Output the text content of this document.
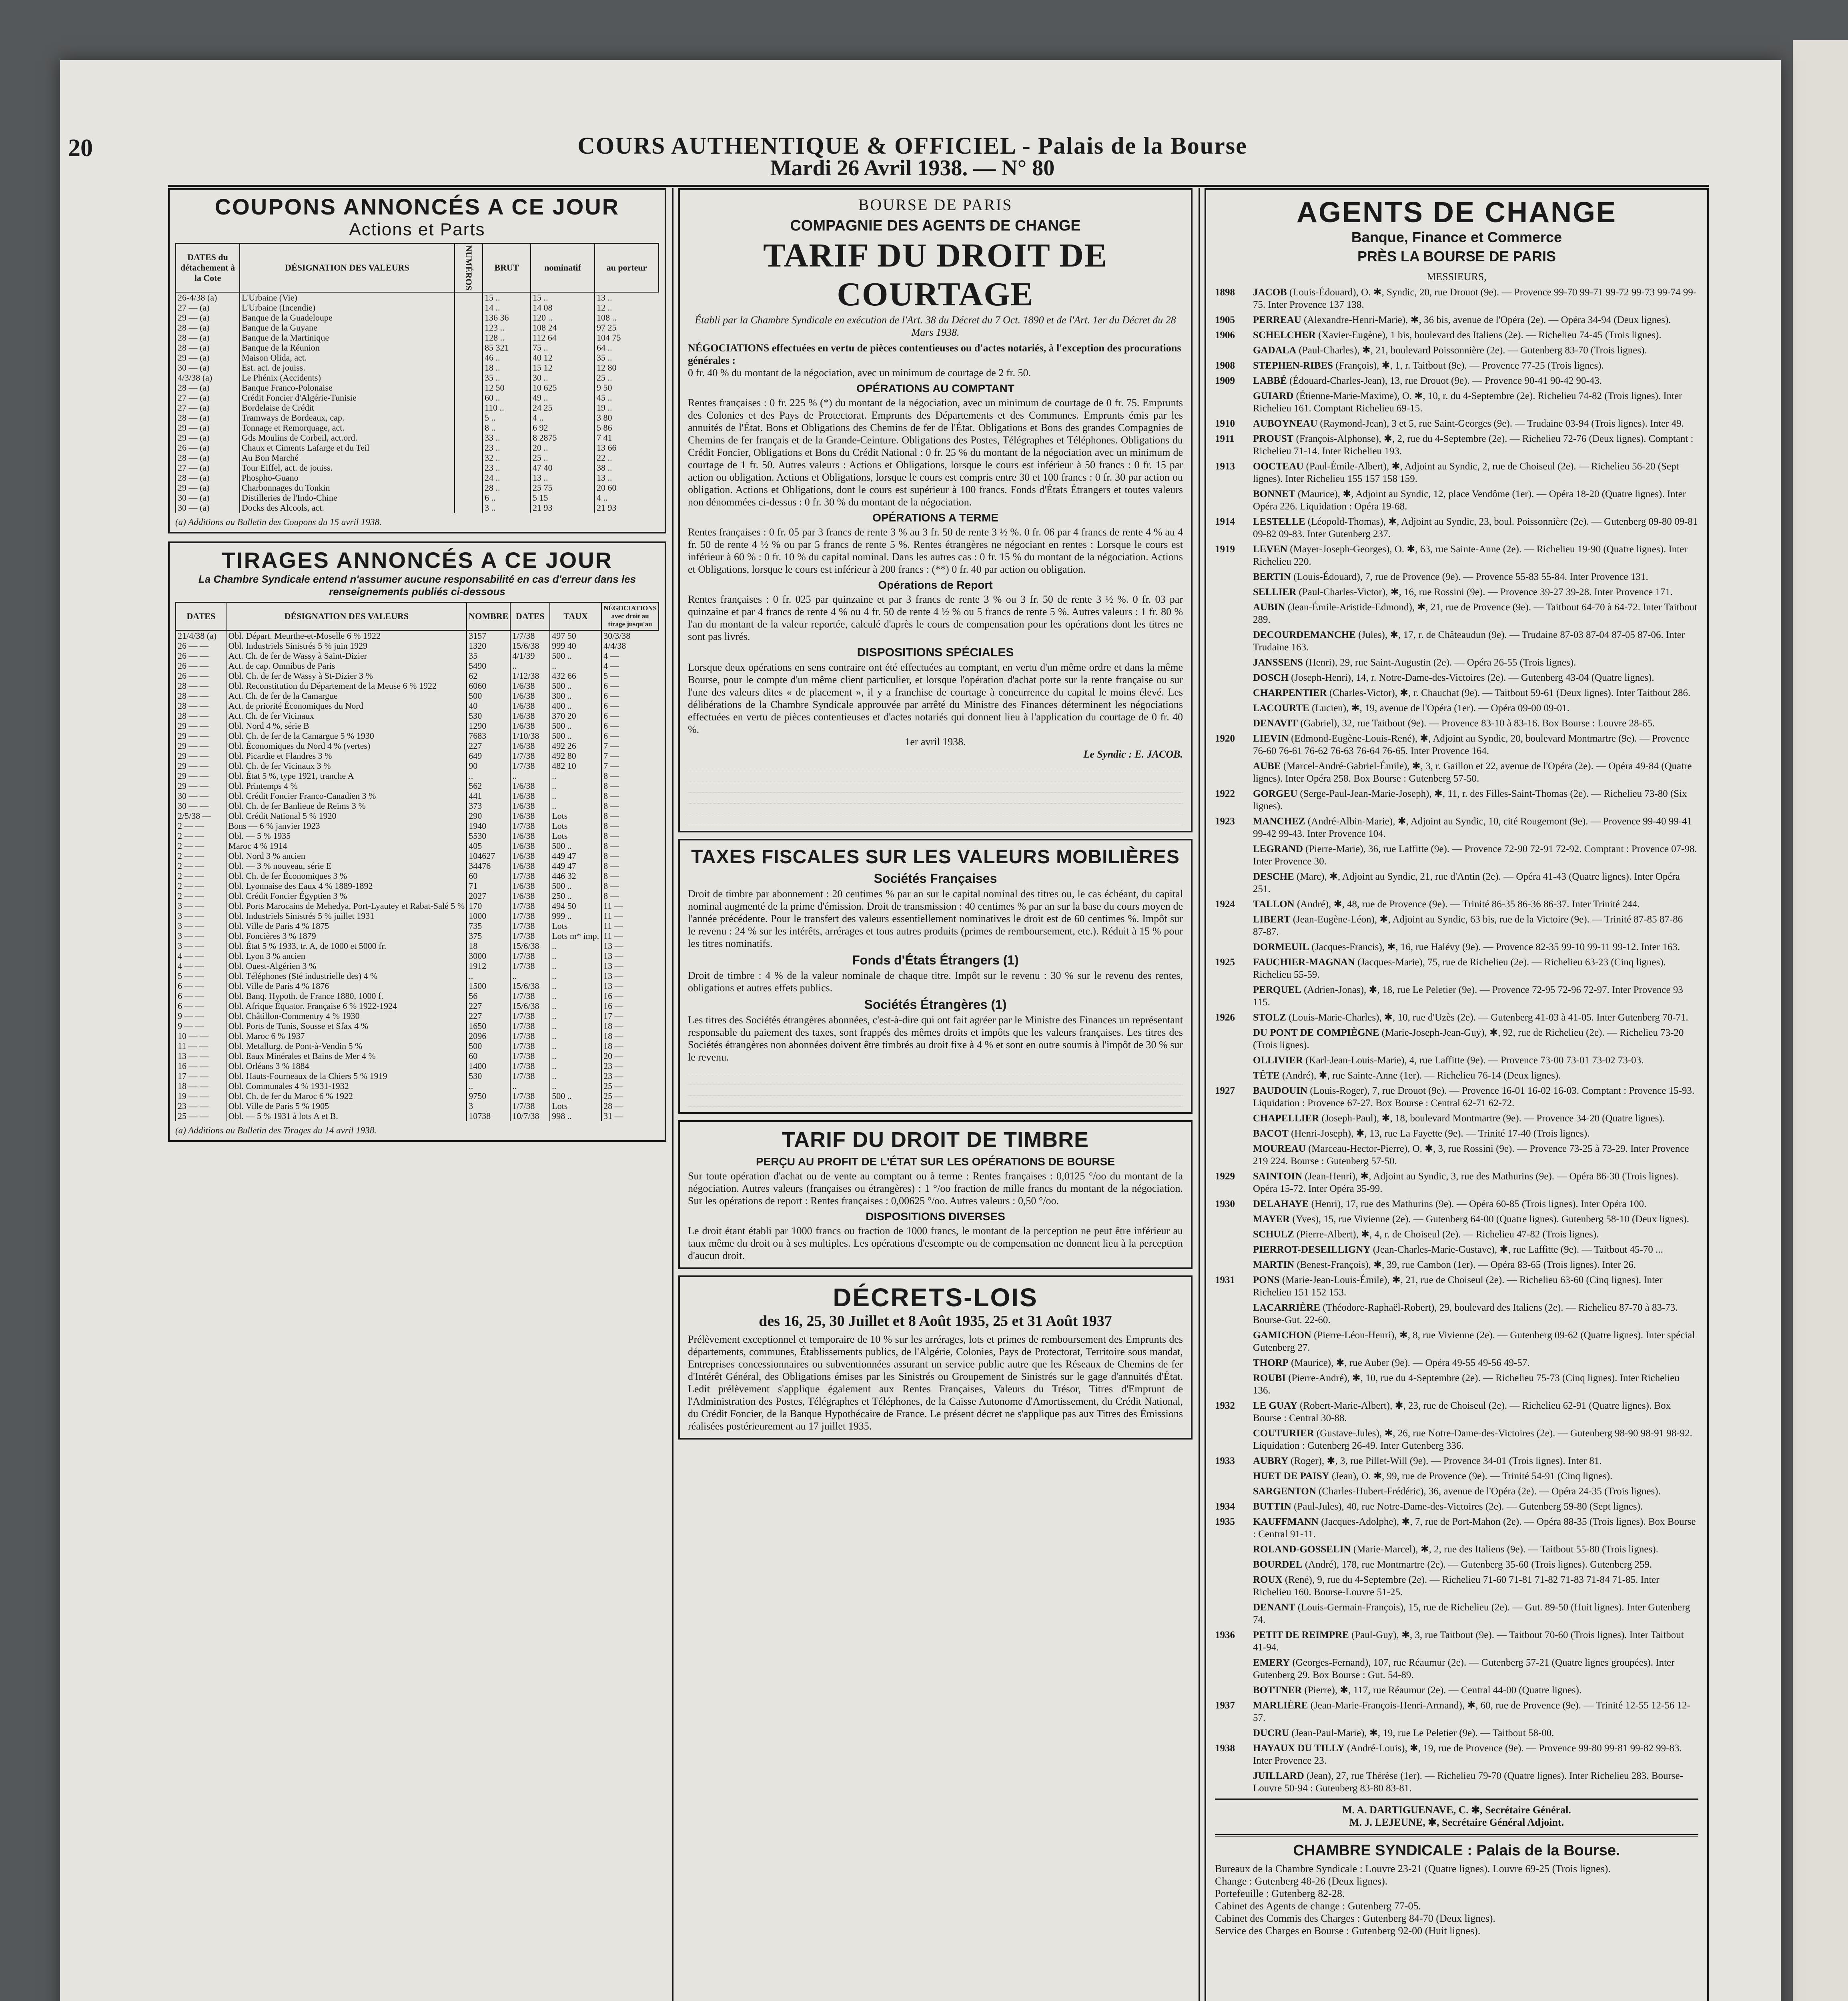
20	COURS AUTHENTIQUE & OFFICIEL - Palais de la Bourse
Mardi 26 Avril 1938. — N° 80
COUPONS ANNONCÉS A CE JOUR
Actions et Parts
DATES du détachement à la Cote	DÉSIGNATION DES VALEURS	NUMÉROS	BRUT	nominatif	au porteur
26-4/38 (a)	L'Urbaine (Vie)		15 ..	15 ..	13 ..
27 — (a)	L'Urbaine (Incendie)		14 ..	14 08	12 ..
29 — (a)	Banque de la Guadeloupe		136 36	120 ..	108 ..
28 — (a)	Banque de la Guyane		123 ..	108 24	97 25
28 — (a)	Banque de la Martinique		128 ..	112 64	104 75
28 — (a)	Banque de la Réunion		85 321	75 ..	64 ..
29 — (a)	Maison Olida, act.		46 ..	40 12	35 ..
30 — (a)	Est. act. de jouiss.		18 ..	15 12	12 80
4/3/38 (a)	Le Phénix (Accidents)		35 ..	30 ..	25 ..
28 — (a)	Banque Franco-Polonaise		12 50	10 625	9 50
27 — (a)	Crédit Foncier d'Algérie-Tunisie		60 ..	49 ..	45 ..
27 — (a)	Bordelaise de Crédit		110 ..	24 25	19 ..
28 — (a)	Tramways de Bordeaux, cap.		5 ..	4 ..	3 80
29 — (a)	Tonnage et Remorquage, act.		8 ..	6 92	5 86
29 — (a)	Gds Moulins de Corbeil, act.ord.		33 ..	8 2875	7 41
26 — (a)	Chaux et Ciments Lafarge et du Teil		23 ..	20 ..	13 66
28 — (a)	Au Bon Marché		32 ..	25 ..	22 ..
27 — (a)	Tour Eiffel, act. de jouiss.		23 ..	47 40	38 ..
28 — (a)	Phospho-Guano		24 ..	13 ..	13 ..
29 — (a)	Charbonnages du Tonkin		28 ..	25 75	20 60
30 — (a)	Distilleries de l'Indo-Chine		6 ..	5 15	4 ..
30 — (a)	Docks des Alcools, act.		3 ..	21 93	21 93
(a) Additions au Bulletin des Coupons du 15 avril 1938.
TIRAGES ANNONCÉS A CE JOUR
La Chambre Syndicale entend n'assumer aucune responsabilité en cas d'erreur dans les renseignements publiés ci-dessous
DATES	DÉSIGNATION DES VALEURS	NOMBRE	DATES	TAUX	NÉGOCIATIONS avec droit au tirage jusqu'au
21/4/38 (a)	Obl. Départ. Meurthe-et-Moselle 6 % 1922	3157	1/7/38	497 50	30/3/38
26 — —	Obl. Industriels Sinistrés 5 % juin 1929	1320	15/6/38	999 40	4/4/38
26 — —	Act. Ch. de fer de Wassy à Saint-Dizier	35	4/1/39	500 ..	4 —
26 — —	Act. de cap. Omnibus de Paris	5490	..	..	4 —
26 — —	Obl. Ch. de fer de Wassy à St-Dizier 3 %	62	1/12/38	432 66	5 —
28 — —	Obl. Reconstitution du Département de la Meuse 6 % 1922	6060	1/6/38	500 ..	6 —
28 — —	Act. Ch. de fer de la Camargue	500	1/6/38	300 ..	6 —
28 — —	Act. de priorité Économiques du Nord	40	1/6/38	400 ..	6 —
28 — —	Act. Ch. de fer Vicinaux	530	1/6/38	370 20	6 —
29 — —	Obl. Nord 4 %, série B	1290	1/6/38	500 ..	6 —
29 — —	Obl. Ch. de fer de la Camargue 5 % 1930	7683	1/10/38	500 ..	6 —
29 — —	Obl. Économiques du Nord 4 % (vertes)	227	1/6/38	492 26	7 —
29 — —	Obl. Picardie et Flandres 3 %	649	1/7/38	492 80	7 —
29 — —	Obl. Ch. de fer Vicinaux 3 %	90	1/7/38	482 10	7 —
29 — —	Obl. État 5 %, type 1921, tranche A	..	..	..	8 —
29 — —	Obl. Printemps 4 %	562	1/6/38	..	8 —
30 — —	Obl. Crédit Foncier Franco-Canadien 3 %	441	1/6/38	..	8 —
30 — —	Obl. Ch. de fer Banlieue de Reims 3 %	373	1/6/38	..	8 —
2/5/38 —	Obl. Crédit National 5 % 1920	290	1/6/38	Lots	8 —
2 — —	Bons — 6 % janvier 1923	1940	1/7/38	Lots	8 —
2 — —	Obl. — 5 % 1935	5530	1/6/38	Lots	8 —
2 — —	Maroc 4 % 1914	405	1/6/38	500 ..	8 —
2 — —	Obl. Nord 3 % ancien	104627	1/6/38	449 47	8 —
2 — —	Obl. — 3 % nouveau, série E	34476	1/6/38	449 47	8 —
2 — —	Obl. Ch. de fer Économiques 3 %	60	1/7/38	446 32	8 —
2 — —	Obl. Lyonnaise des Eaux 4 % 1889-1892	71	1/6/38	500 ..	8 —
2 — —	Obl. Crédit Foncier Égyptien 3 %	2027	1/6/38	250 ..	8 —
3 — —	Obl. Ports Marocains de Mehedya, Port-Lyautey et Rabat-Salé 5 %	170	1/7/38	494 50	11 —
3 — —	Obl. Industriels Sinistrés 5 % juillet 1931	1000	1/7/38	999 ..	11 —
3 — —	Obl. Ville de Paris 4 % 1875	735	1/7/38	Lots	11 —
3 — —	Obl. Foncières 3 % 1879	375	1/7/38	Lots m* imp.	11 —
3 — —	Obl. État 5 % 1933, tr. A, de 1000 et 5000 fr.	18	15/6/38	..	13 —
4 — —	Obl. Lyon 3 % ancien	3000	1/7/38	..	13 —
4 — —	Obl. Ouest-Algérien 3 %	1912	1/7/38	..	13 —
5 — —	Obl. Téléphones (Sté industrielle des) 4 %	..	..	..	13 —
6 — —	Obl. Ville de Paris 4 % 1876	1500	15/6/38	..	13 —
6 — —	Obl. Banq. Hypoth. de France 1880, 1000 f.	56	1/7/38	..	16 —
6 — —	Obl. Afrique Équator. Française 6 % 1922-1924	227	15/6/38	..	16 —
9 — —	Obl. Châtillon-Commentry 4 % 1930	227	1/7/38	..	17 —
9 — —	Obl. Ports de Tunis, Sousse et Sfax 4 %	1650	1/7/38	..	18 —
10 — —	Obl. Maroc 6 % 1937	2096	1/7/38	..	18 —
11 — —	Obl. Metallurg. de Pont-à-Vendin 5 %	500	1/7/38	..	18 —
13 — —	Obl. Eaux Minérales et Bains de Mer 4 %	60	1/7/38	..	20 —
16 — —	Obl. Orléans 3 % 1884	1400	1/7/38	..	23 —
17 — —	Obl. Hauts-Fourneaux de la Chiers 5 % 1919	530	1/7/38	..	23 —
18 — —	Obl. Communales 4 % 1931-1932	..	..	..	25 —
19 — —	Obl. Ch. de fer du Maroc 6 % 1922	9750	1/7/38	500 ..	25 —
23 — —	Obl. Ville de Paris 5 % 1905	3	1/7/38	Lots	28 —
25 — —	Obl. — 5 % 1931 à lots A et B.	10738	10/7/38	998 ..	31 —
(a) Additions au Bulletin des Tirages du 14 avril 1938.
BOURSE DE PARIS
COMPAGNIE DES AGENTS DE CHANGE
TARIF DU DROIT DE COURTAGE
Établi par la Chambre Syndicale en exécution de l'Art. 38 du Décret du 7 Oct. 1890 et de l'Art. 1er du Décret du 28 Mars 1938.
NÉGOCIATIONS effectuées en vertu de pièces contentieuses ou d'actes notariés, à l'exception des procurations générales :
0 fr. 40 % du montant de la négociation, avec un minimum de courtage de 2 fr. 50.
OPÉRATIONS AU COMPTANT
Rentes françaises : 0 fr. 225 % (*) du montant de la négociation, avec un minimum de courtage de 0 fr. 75. Emprunts des Colonies et des Pays de Protectorat. Emprunts des Départements et des Communes. Emprunts émis par les annuités de l'État. Bons et Obligations des Chemins de fer de l'État. Obligations et Bons des grandes Compagnies de Chemins de fer français et de la Grande-Ceinture. Obligations des Postes, Télégraphes et Téléphones. Obligations du Crédit Foncier, Obligations et Bons du Crédit National : 0 fr. 25 % du montant de la négociation avec un minimum de courtage de 1 fr. 50. Autres valeurs : Actions et Obligations, lorsque le cours est inférieur à 50 francs : 0 fr. 15 par action ou obligation. Actions et Obligations, lorsque le cours est compris entre 30 et 100 francs : 0 fr. 30 par action ou obligation. Actions et Obligations, dont le cours est supérieur à 100 francs. Fonds d'États Étrangers et toutes valeurs non dénommées ci-dessus : 0 fr. 30 % du montant de la négociation.
OPÉRATIONS A TERME
Rentes françaises : 0 fr. 05 par 3 francs de rente 3 % au 3 fr. 50 de rente 3 ½ %. 0 fr. 06 par 4 francs de rente 4 % au 4 fr. 50 de rente 4 ½ % ou par 5 francs de rente 5 %. Rentes étrangères ne négociant en rentes : Lorsque le cours est inférieur à 60 % : 0 fr. 10 % du capital nominal. Dans les autres cas : 0 fr. 15 % du montant de la négociation. Actions et Obligations, lorsque le cours est inférieur à 200 francs : (**) 0 fr. 40 par action ou obligation.
Opérations de Report
Rentes françaises : 0 fr. 025 par quinzaine et par 3 francs de rente 3 % ou 3 fr. 50 de rente 3 ½ %. 0 fr. 03 par quinzaine et par 4 francs de rente 4 % ou 4 fr. 50 de rente 4 ½ % ou 5 francs de rente 5 %. Autres valeurs : 1 fr. 80 % l'an du montant de la valeur reportée, calculé d'après le cours de compensation pour les opérations dont les titres ne sont pas livrés.
DISPOSITIONS SPÉCIALES
Lorsque deux opérations en sens contraire ont été effectuées au comptant, en vertu d'un même ordre et dans la même Bourse, pour le compte d'un même client particulier, et lorsque l'opération d'achat porte sur la rente française ou sur l'une des valeurs dites « de placement », il y a franchise de courtage à concurrence du capital le moins élevé. Les délibérations de la Chambre Syndicale approuvée par arrêté du Ministre des Finances déterminent les négociations effectuées en vertu de pièces contentieuses et d'actes notariés qui donnent lieu à l'application du courtage de 0 fr. 40 %.
1er avril 1938.
Le Syndic : E. JACOB.
TAXES FISCALES SUR LES VALEURS MOBILIÈRES
Sociétés Françaises
Droit de timbre par abonnement : 20 centimes % par an sur le capital nominal des titres ou, le cas échéant, du capital nominal augmenté de la prime d'émission. Droit de transmission : 40 centimes % par an sur la base du cours moyen de l'année précédente. Pour le transfert des valeurs essentiellement nominatives le droit est de 60 centimes %. Impôt sur le revenu : 24 % sur les intérêts, arrérages et tous autres produits (primes de remboursement, etc.). Réduit à 15 % pour les titres nominatifs.
Fonds d'États Étrangers (1)
Droit de timbre : 4 % de la valeur nominale de chaque titre. Impôt sur le revenu : 30 % sur le revenu des rentes, obligations et autres effets publics.
Sociétés Étrangères (1)
Les titres des Sociétés étrangères abonnées, c'est-à-dire qui ont fait agréer par le Ministre des Finances un représentant responsable du paiement des taxes, sont frappés des mêmes droits et impôts que les valeurs françaises. Les titres des Sociétés étrangères non abonnées doivent être timbrés au droit fixe à 4 % et sont en outre soumis à l'impôt de 30 % sur le revenu.
TARIF DU DROIT DE TIMBRE
PERÇU AU PROFIT DE L'ÉTAT SUR LES OPÉRATIONS DE BOURSE
Sur toute opération d'achat ou de vente au comptant ou à terme : Rentes françaises : 0,0125 °/oo du montant de la négociation. Autres valeurs (françaises ou étrangères) : 1 °/oo fraction de mille francs du montant de la négociation. Sur les opérations de report : Rentes françaises : 0,00625 °/oo. Autres valeurs : 0,50 °/oo.
DISPOSITIONS DIVERSES
Le droit étant établi par 1000 francs ou fraction de 1000 francs, le montant de la perception ne peut être inférieur au taux même du droit ou à ses multiples. Les opérations d'escompte ou de compensation ne donnent lieu à la perception d'aucun droit.
DÉCRETS-LOIS
des 16, 25, 30 Juillet et 8 Août 1935, 25 et 31 Août 1937
Prélèvement exceptionnel et temporaire de 10 % sur les arrérages, lots et primes de remboursement des Emprunts des départements, communes, Établissements publics, de l'Algérie, Colonies, Pays de Protectorat, Territoire sous mandat, Entreprises concessionnaires ou subventionnées assurant un service public autre que les Réseaux de Chemins de fer d'Intérêt Général, des Obligations émises par les Sinistrés ou Groupement de Sinistrés sur le gage d'annuités d'État. Ledit prélèvement s'applique également aux Rentes Françaises, Valeurs du Trésor, Titres d'Emprunt de l'Administration des Postes, Télégraphes et Téléphones, de la Caisse Autonome d'Amortissement, du Crédit National, du Crédit Foncier, de la Banque Hypothécaire de France. Le présent décret ne s'applique pas aux Titres des Émissions réalisées postérieurement au 17 juillet 1935.
AGENTS DE CHANGE
Banque, Finance et Commerce
PRÈS LA BOURSE DE PARIS
MESSIEURS,
1898	JACOB (Louis-Édouard), O. ✱, Syndic, 20, rue Drouot (9e). — Provence 99-70 99-71 99-72 99-73 99-74 99-75. Inter Provence 137 138.
1905	PERREAU (Alexandre-Henri-Marie), ✱, 36 bis, avenue de l'Opéra (2e). — Opéra 34-94 (Deux lignes).
1906	SCHELCHER (Xavier-Eugène), 1 bis, boulevard des Italiens (2e). — Richelieu 74-45 (Trois lignes).
GADALA (Paul-Charles), ✱, 21, boulevard Poissonnière (2e). — Gutenberg 83-70 (Trois lignes).
1908	STEPHEN-RIBES (François), ✱, 1, r. Taitbout (9e). — Provence 77-25 (Trois lignes).
1909	LABBÉ (Édouard-Charles-Jean), 13, rue Drouot (9e). — Provence 90-41 90-42 90-43.
GUIARD (Étienne-Marie-Maxime), O. ✱, 10, r. du 4-Septembre (2e). Richelieu 74-82 (Trois lignes). Inter Richelieu 161. Comptant Richelieu 69-15.
1910	AUBOYNEAU (Raymond-Jean), 3 et 5, rue Saint-Georges (9e). — Trudaine 03-94 (Trois lignes). Inter 49.
1911	PROUST (François-Alphonse), ✱, 2, rue du 4-Septembre (2e). — Richelieu 72-76 (Deux lignes). Comptant : Richelieu 71-14. Inter Richelieu 193.
1913	OOCTEAU (Paul-Émile-Albert), ✱, Adjoint au Syndic, 2, rue de Choiseul (2e). — Richelieu 56-20 (Sept lignes). Inter Richelieu 155 157 158 159.
BONNET (Maurice), ✱, Adjoint au Syndic, 12, place Vendôme (1er). — Opéra 18-20 (Quatre lignes). Inter Opéra 226. Liquidation : Opéra 19-68.
1914	LESTELLE (Léopold-Thomas), ✱, Adjoint au Syndic, 23, boul. Poissonnière (2e). — Gutenberg 09-80 09-81 09-82 09-83. Inter Gutenberg 237.
1919	LEVEN (Mayer-Joseph-Georges), O. ✱, 63, rue Sainte-Anne (2e). — Richelieu 19-90 (Quatre lignes). Inter Richelieu 220.
BERTIN (Louis-Édouard), 7, rue de Provence (9e). — Provence 55-83 55-84. Inter Provence 131.
SELLIER (Paul-Charles-Victor), ✱, 16, rue Rossini (9e). — Provence 39-27 39-28. Inter Provence 171.
AUBIN (Jean-Émile-Aristide-Edmond), ✱, 21, rue de Provence (9e). — Taitbout 64-70 à 64-72. Inter Taitbout 289.
DECOURDEMANCHE (Jules), ✱, 17, r. de Châteaudun (9e). — Trudaine 87-03 87-04 87-05 87-06. Inter Trudaine 163.
JANSSENS (Henri), 29, rue Saint-Augustin (2e). — Opéra 26-55 (Trois lignes).
DOSCH (Joseph-Henri), 14, r. Notre-Dame-des-Victoires (2e). — Gutenberg 43-04 (Quatre lignes).
CHARPENTIER (Charles-Victor), ✱, r. Chauchat (9e). — Taitbout 59-61 (Deux lignes). Inter Taitbout 286.
LACOURTE (Lucien), ✱, 19, avenue de l'Opéra (1er). — Opéra 09-00 09-01.
DENAVIT (Gabriel), 32, rue Taitbout (9e). — Provence 83-10 à 83-16. Box Bourse : Louvre 28-65.
1920	LIEVIN (Edmond-Eugène-Louis-René), ✱, Adjoint au Syndic, 20, boulevard Montmartre (9e). — Provence 76-60 76-61 76-62 76-63 76-64 76-65. Inter Provence 164.
AUBE (Marcel-André-Gabriel-Émile), ✱, 3, r. Gaillon et 22, avenue de l'Opéra (2e). — Opéra 49-84 (Quatre lignes). Inter Opéra 258. Box Bourse : Gutenberg 57-50.
1922	GORGEU (Serge-Paul-Jean-Marie-Joseph), ✱, 11, r. des Filles-Saint-Thomas (2e). — Richelieu 73-80 (Six lignes).
1923	MANCHEZ (André-Albin-Marie), ✱, Adjoint au Syndic, 10, cité Rougemont (9e). — Provence 99-40 99-41 99-42 99-43. Inter Provence 104.
LEGRAND (Pierre-Marie), 36, rue Laffitte (9e). — Provence 72-90 72-91 72-92. Comptant : Provence 07-98. Inter Provence 30.
DESCHE (Marc), ✱, Adjoint au Syndic, 21, rue d'Antin (2e). — Opéra 41-43 (Quatre lignes). Inter Opéra 251.
1924	TALLON (André), ✱, 48, rue de Provence (9e). — Trinité 86-35 86-36 86-37. Inter Trinité 244.
LIBERT (Jean-Eugène-Léon), ✱, Adjoint au Syndic, 63 bis, rue de la Victoire (9e). — Trinité 87-85 87-86 87-87.
DORMEUIL (Jacques-Francis), ✱, 16, rue Halévy (9e). — Provence 82-35 99-10 99-11 99-12. Inter 163.
1925	FAUCHIER-MAGNAN (Jacques-Marie), 75, rue de Richelieu (2e). — Richelieu 63-23 (Cinq lignes). Richelieu 55-59.
PERQUEL (Adrien-Jonas), ✱, 18, rue Le Peletier (9e). — Provence 72-95 72-96 72-97. Inter Provence 93 115.
1926	STOLZ (Louis-Marie-Charles), ✱, 10, rue d'Uzès (2e). — Gutenberg 41-03 à 41-05. Inter Gutenberg 70-71.
DU PONT DE COMPIÈGNE (Marie-Joseph-Jean-Guy), ✱, 92, rue de Richelieu (2e). — Richelieu 73-20 (Trois lignes).
OLLIVIER (Karl-Jean-Louis-Marie), 4, rue Laffitte (9e). — Provence 73-00 73-01 73-02 73-03.
TÊTE (André), ✱, rue Sainte-Anne (1er). — Richelieu 76-14 (Deux lignes).
1927	BAUDOUIN (Louis-Roger), 7, rue Drouot (9e). — Provence 16-01 16-02 16-03. Comptant : Provence 15-93. Liquidation : Provence 67-27. Box Bourse : Central 62-71 62-72.
CHAPELLIER (Joseph-Paul), ✱, 18, boulevard Montmartre (9e). — Provence 34-20 (Quatre lignes).
BACOT (Henri-Joseph), ✱, 13, rue La Fayette (9e). — Trinité 17-40 (Trois lignes).
MOUREAU (Marceau-Hector-Pierre), O. ✱, 3, rue Rossini (9e). — Provence 73-25 à 73-29. Inter Provence 219 224. Bourse : Gutenberg 57-50.
1929	SAINTOIN (Jean-Henri), ✱, Adjoint au Syndic, 3, rue des Mathurins (9e). — Opéra 86-30 (Trois lignes). Opéra 15-72. Inter Opéra 35-99.
1930	DELAHAYE (Henri), 17, rue des Mathurins (9e). — Opéra 60-85 (Trois lignes). Inter Opéra 100.
MAYER (Yves), 15, rue Vivienne (2e). — Gutenberg 64-00 (Quatre lignes). Gutenberg 58-10 (Deux lignes).
SCHULZ (Pierre-Albert), ✱, 4, r. de Choiseul (2e). — Richelieu 47-82 (Trois lignes).
PIERROT-DESEILLIGNY (Jean-Charles-Marie-Gustave), ✱, rue Laffitte (9e). — Taitbout 45-70 ...
MARTIN (Benest-François), ✱, 39, rue Cambon (1er). — Opéra 83-65 (Trois lignes). Inter 26.
1931	PONS (Marie-Jean-Louis-Émile), ✱, 21, rue de Choiseul (2e). — Richelieu 63-60 (Cinq lignes). Inter Richelieu 151 152 153.
LACARRIÈRE (Théodore-Raphaël-Robert), 29, boulevard des Italiens (2e). — Richelieu 87-70 à 83-73. Bourse-Gut. 22-60.
GAMICHON (Pierre-Léon-Henri), ✱, 8, rue Vivienne (2e). — Gutenberg 09-62 (Quatre lignes). Inter spécial Gutenberg 27.
THORP (Maurice), ✱, rue Auber (9e). — Opéra 49-55 49-56 49-57.
ROUBI (Pierre-André), ✱, 10, rue du 4-Septembre (2e). — Richelieu 75-73 (Cinq lignes). Inter Richelieu 136.
1932	LE GUAY (Robert-Marie-Albert), ✱, 23, rue de Choiseul (2e). — Richelieu 62-91 (Quatre lignes). Box Bourse : Central 30-88.
COUTURIER (Gustave-Jules), ✱, 26, rue Notre-Dame-des-Victoires (2e). — Gutenberg 98-90 98-91 98-92. Liquidation : Gutenberg 26-49. Inter Gutenberg 336.
1933	AUBRY (Roger), ✱, 3, rue Pillet-Will (9e). — Provence 34-01 (Trois lignes). Inter 81.
HUET DE PAISY (Jean), O. ✱, 99, rue de Provence (9e). — Trinité 54-91 (Cinq lignes).
SARGENTON (Charles-Hubert-Frédéric), 36, avenue de l'Opéra (2e). — Opéra 24-35 (Trois lignes).
1934	BUTTIN (Paul-Jules), 40, rue Notre-Dame-des-Victoires (2e). — Gutenberg 59-80 (Sept lignes).
1935	KAUFFMANN (Jacques-Adolphe), ✱, 7, rue de Port-Mahon (2e). — Opéra 88-35 (Trois lignes). Box Bourse : Central 91-11.
ROLAND-GOSSELIN (Marie-Marcel), ✱, 2, rue des Italiens (9e). — Taitbout 55-80 (Trois lignes).
BOURDEL (André), 178, rue Montmartre (2e). — Gutenberg 35-60 (Trois lignes). Gutenberg 259.
ROUX (René), 9, rue du 4-Septembre (2e). — Richelieu 71-60 71-81 71-82 71-83 71-84 71-85. Inter Richelieu 160. Bourse-Louvre 51-25.
DENANT (Louis-Germain-François), 15, rue de Richelieu (2e). — Gut. 89-50 (Huit lignes). Inter Gutenberg 74.
1936	PETIT DE REIMPRE (Paul-Guy), ✱, 3, rue Taitbout (9e). — Taitbout 70-60 (Trois lignes). Inter Taitbout 41-94.
EMERY (Georges-Fernand), 107, rue Réaumur (2e). — Gutenberg 57-21 (Quatre lignes groupées). Inter Gutenberg 29. Box Bourse : Gut. 54-89.
BOTTNER (Pierre), ✱, 117, rue Réaumur (2e). — Central 44-00 (Quatre lignes).
1937	MARLIÈRE (Jean-Marie-François-Henri-Armand), ✱, 60, rue de Provence (9e). — Trinité 12-55 12-56 12-57.
DUCRU (Jean-Paul-Marie), ✱, 19, rue Le Peletier (9e). — Taitbout 58-00.
1938	HAYAUX DU TILLY (André-Louis), ✱, 19, rue de Provence (9e). — Provence 99-80 99-81 99-82 99-83. Inter Provence 23.
JUILLARD (Jean), 27, rue Thérèse (1er). — Richelieu 79-70 (Quatre lignes). Inter Richelieu 283. Bourse-Louvre 50-94 : Gutenberg 83-80 83-81.
M. A. DARTIGUENAVE, C. ✱, Secrétaire Général.
M. J. LEJEUNE, ✱, Secrétaire Général Adjoint.
CHAMBRE SYNDICALE : Palais de la Bourse.
Bureaux de la Chambre Syndicale : Louvre 23-21 (Quatre lignes). Louvre 69-25 (Trois lignes).
Change : Gutenberg 48-26 (Deux lignes).
Portefeuille : Gutenberg 82-28.
Cabinet des Agents de change : Gutenberg 77-05.
Cabinet des Commis des Charges : Gutenberg 84-70 (Deux lignes).
Service des Charges en Bourse : Gutenberg 92-00 (Huit lignes).
